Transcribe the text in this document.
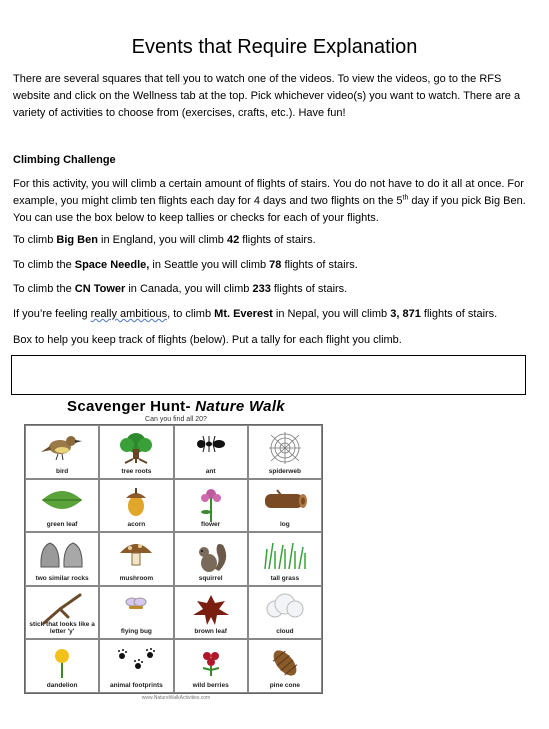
Events that Require Explanation

There are several squares that tell you to watch one of the videos. To view the videos, go to the RFS website and click on the Wellness tab at the top. Pick whichever video(s) you want to watch. There are a variety of activities to choose from (exercises, crafts, etc.). Have fun!

Climbing Challenge

For this activity, you will climb a certain amount of flights of stairs. You do not have to do it all at once. For example, you might climb ten flights each day for 4 days and two flights on the 5th day if you pick Big Ben. You can use the box below to keep tallies or checks for each of your flights.

To climb Big Ben in England, you will climb 42 flights of stairs.
To climb the Space Needle, in Seattle you will climb 78 flights of stairs.
To climb the CN Tower in Canada, you will climb 233 flights of stairs.
If you’re feeling really ambitious, to climb Mt. Everest in Nepal, you will climb 3, 871 flights of stairs.
Box to help you keep track of flights (below). Put a tally for each flight you climb.
Scavenger Hunt- Nature Walk
Can you find all 20?
bird	tree roots	ant	spiderweb
green leaf	acorn	flower	log
two similar rocks	mushroom	squirrel	tall grass
stick that looks like a letter 'y'	flying bug	brown leaf	cloud
dandelion	animal footprints	wild berries	pine cone
www.NatureWalkActivities.com
